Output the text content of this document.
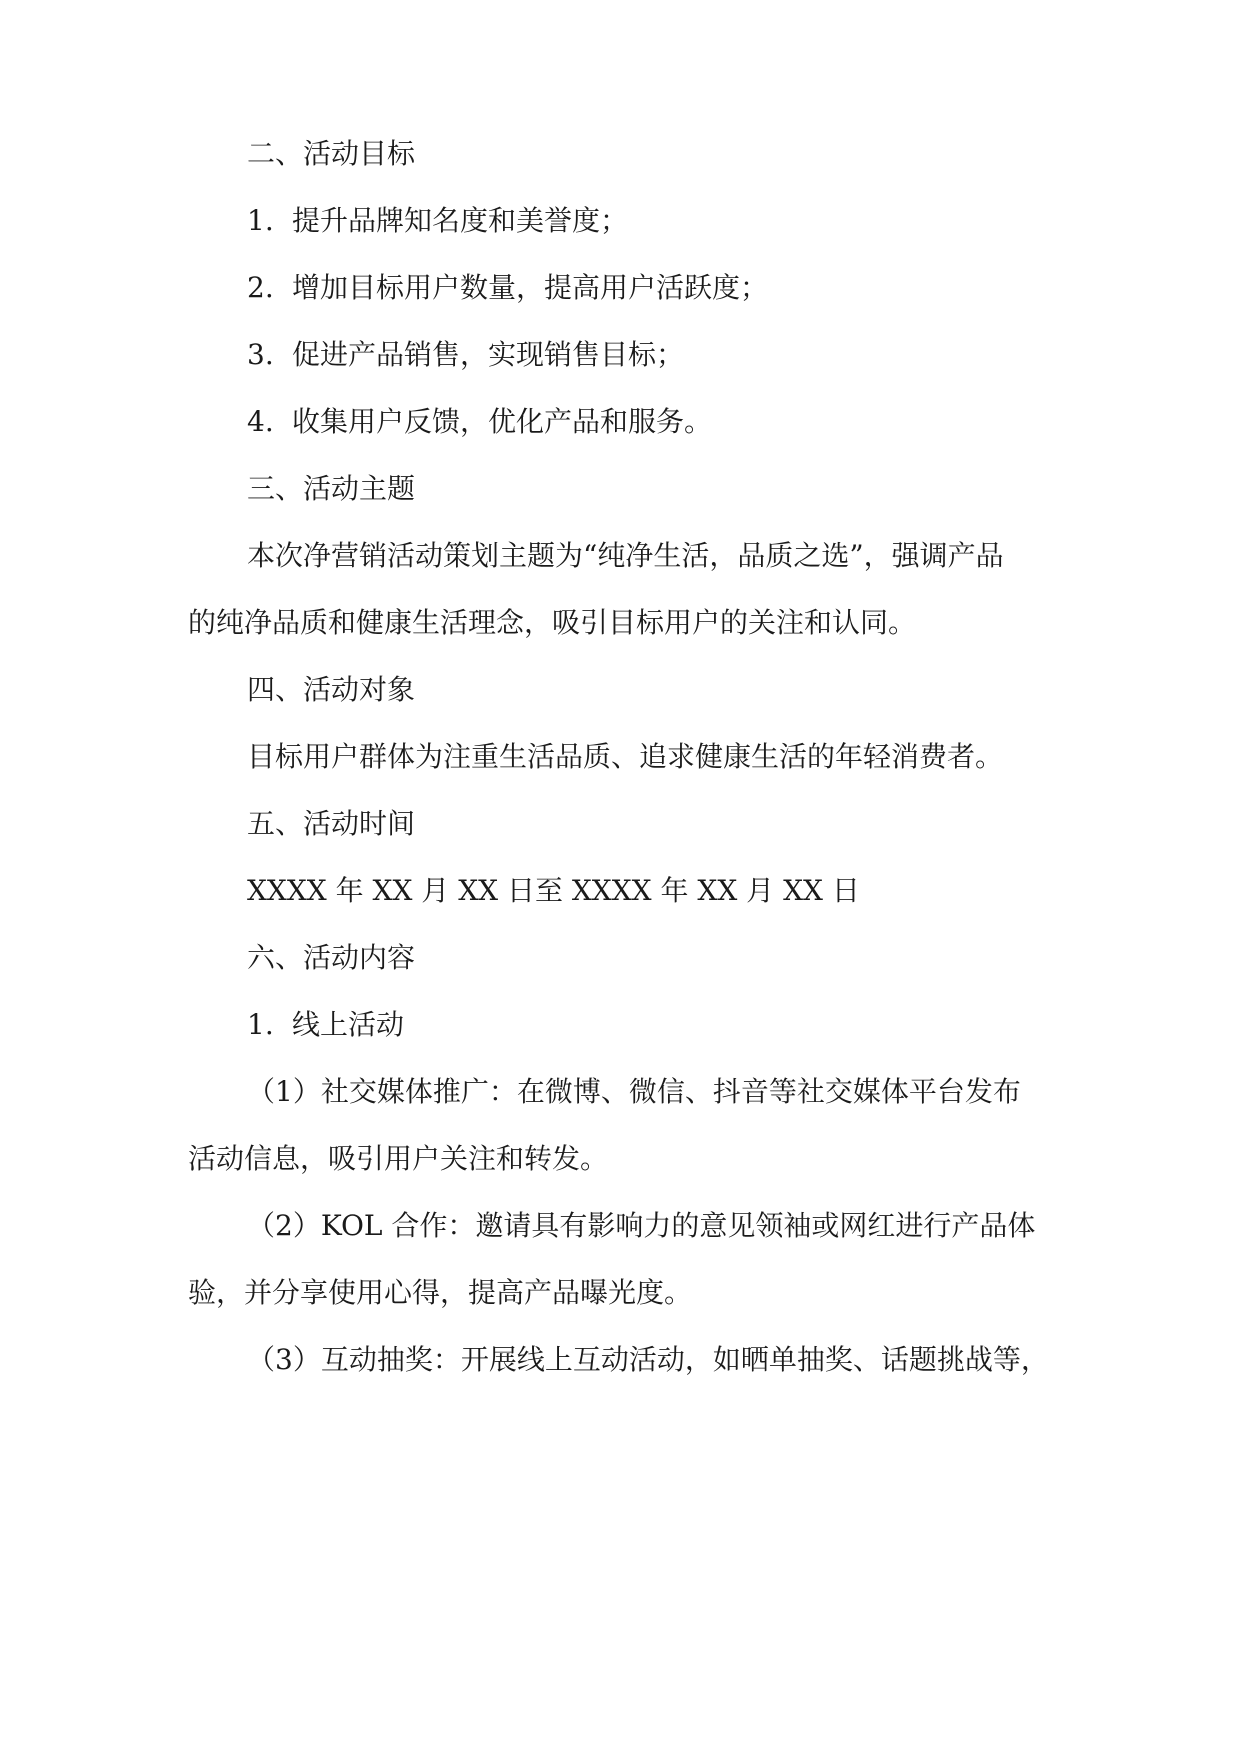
二、活动目标
1. 提升品牌知名度和美誉度；
2. 增加目标用户数量，提高用户活跃度；
3. 促进产品销售，实现销售目标；
4. 收集用户反馈，优化产品和服务。
三、活动主题
本次净营销活动策划主题为“纯净生活，品质之选”，强调产品
的纯净品质和健康生活理念，吸引目标用户的关注和认同。
四、活动对象
目标用户群体为注重生活品质、追求健康生活的年轻消费者。
五、活动时间
XXXX 年 XX 月 XX 日至 XXXX 年 XX 月 XX 日
六、活动内容
1. 线上活动
（1）社交媒体推广：在微博、微信、抖音等社交媒体平台发布
活动信息，吸引用户关注和转发。
（2）KOL 合作：邀请具有影响力的意见领袖或网红进行产品体
验，并分享使用心得，提高产品曝光度。
（3）互动抽奖：开展线上互动活动，如晒单抽奖、话题挑战等，
